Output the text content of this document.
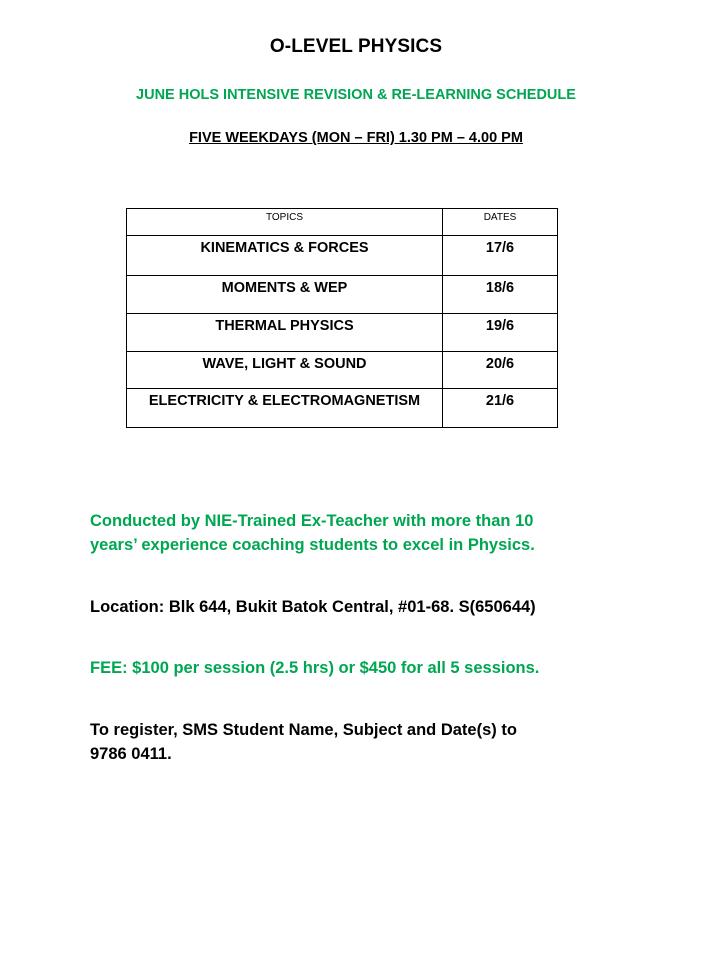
O-LEVEL PHYSICS
JUNE HOLS INTENSIVE REVISION & RE-LEARNING SCHEDULE
FIVE WEEKDAYS (MON – FRI) 1.30 PM – 4.00 PM
TOPICS	DATES
KINEMATICS & FORCES	17/6
MOMENTS & WEP	18/6
THERMAL PHYSICS	19/6
WAVE, LIGHT & SOUND	20/6
ELECTRICITY & ELECTROMAGNETISM	21/6
Conducted by NIE-Trained Ex-Teacher with more than 10
years’ experience coaching students to excel in Physics.
Location: Blk 644, Bukit Batok Central, #01-68. S(650644)
FEE: $100 per session (2.5 hrs) or $450 for all 5 sessions.
To register, SMS Student Name, Subject and Date(s) to
9786 0411.
